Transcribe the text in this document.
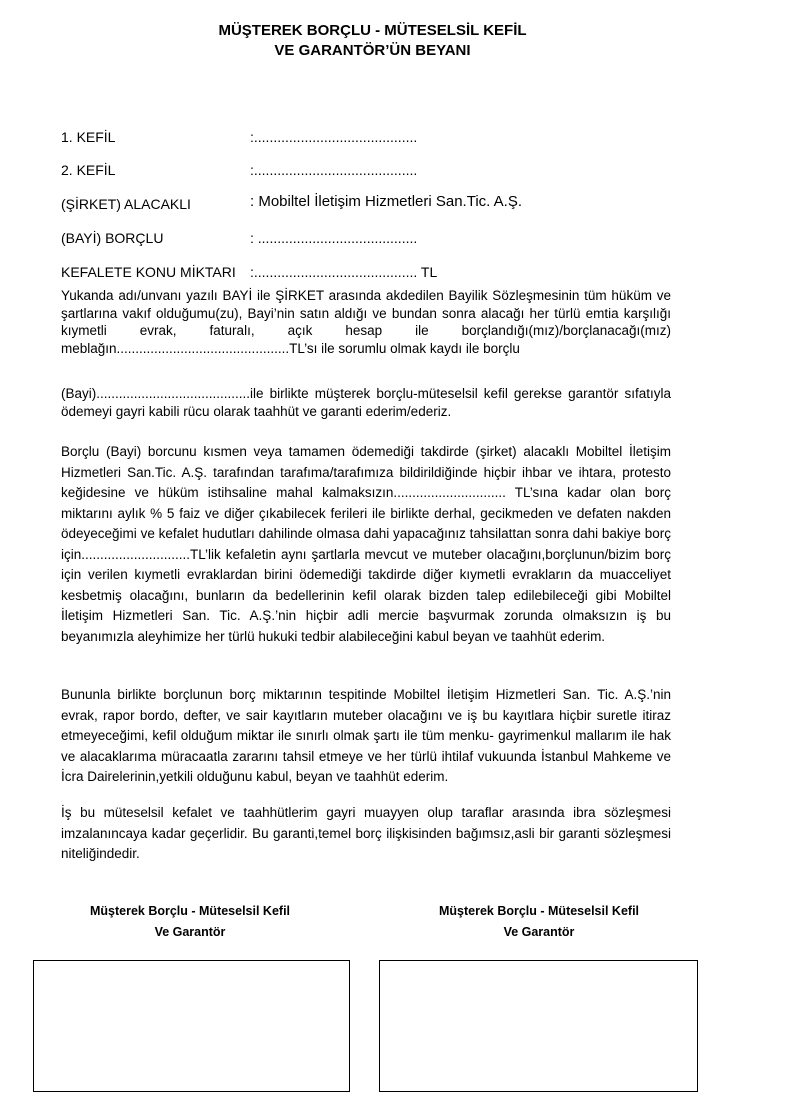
MÜŞTEREK BORÇLU - MÜTESELSİL KEFİL
VE GARANTÖR’ÜN BEYANI
1. KEFİL	:..........................................
2. KEFİL	:..........................................
(ŞİRKET) ALACAKLI	: Mobiltel İletişim Hizmetleri San.Tic. A.Ş.
(BAYİ) BORÇLU	: .........................................
KEFALETE KONU MİKTARI :.......................................... TL

Yukanda adı/unvanı yazılı BAYİ ile ŞİRKET arasında akdedilen Bayilik Sözleşmesinin tüm hüküm ve şartlarına vakıf olduğumu(zu), Bayi’nin satın aldığı ve bundan sonra alacağı her türlü emtia karşılığı kıymetli evrak, faturalı, açık hesap ile borçlandığı(mız)/borçlanacağı(mız) meblağın..............................................TL’sı ile sorumlu olmak kaydı ile borçlu

(Bayi).........................................ile birlikte müşterek borçlu-müteselsil kefil gerekse garantör sıfatıyla ödemeyi gayri kabili rücu olarak taahhüt ve garanti ederim/ederiz.

Borçlu (Bayi) borcunu kısmen veya tamamen ödemediği takdirde (şirket) alacaklı Mobiltel İletişim Hizmetleri San.Tic. A.Ş. tarafından tarafıma/tarafımıza bildirildiğinde hiçbir ihbar ve ihtara, protesto keğidesine ve hüküm istihsaline mahal kalmaksızın.............................. TL’sına kadar olan borç miktarını aylık % 5 faiz ve diğer çıkabilecek ferileri ile birlikte derhal, gecikmeden ve defaten nakden ödeyeceğimi ve kefalet hudutları dahilinde olmasa dahi yapacağınız tahsilattan sonra dahi bakiye borç için.............................TL’lik kefaletin aynı şartlarla mevcut ve muteber olacağını,borçlunun/bizim borç için verilen kıymetli evraklardan birini ödemediği takdirde diğer kıymetli evrakların da muacceliyet kesbetmiş olacağını, bunların da bedellerinin kefil olarak bizden talep edilebileceği gibi Mobiltel İletişim Hizmetleri San. Tic. A.Ş.’nin hiçbir adli mercie başvurmak zorunda olmaksızın iş bu beyanımızla aleyhimize her türlü hukuki tedbir alabileceğini kabul beyan ve taahhüt ederim.

Bununla birlikte borçlunun borç miktarının tespitinde Mobiltel İletişim Hizmetleri San. Tic. A.Ş.’nin evrak, rapor bordo, defter, ve sair kayıtların muteber olacağını ve iş bu kayıtlara hiçbir suretle itiraz etmeyeceğimi, kefil olduğum miktar ile sınırlı olmak şartı ile tüm menku- gayrimenkul mallarım ile hak ve alacaklarıma müracaatla zararını tahsil etmeye ve her türlü ihtilaf vukuunda İstanbul Mahkeme ve İcra Dairelerinin,yetkili olduğunu kabul, beyan ve taahhüt ederim.

İş bu müteselsil kefalet ve taahhütlerim gayri muayyen olup taraflar arasında ibra sözleşmesi imzalanıncaya kadar geçerlidir. Bu garanti,temel borç ilişkisinden bağımsız,asli bir garanti sözleşmesi niteliğindedir.

Müşterek Borçlu - Müteselsil Kefil
Ve Garantör
Müşterek Borçlu - Müteselsil Kefil
Ve Garantör
